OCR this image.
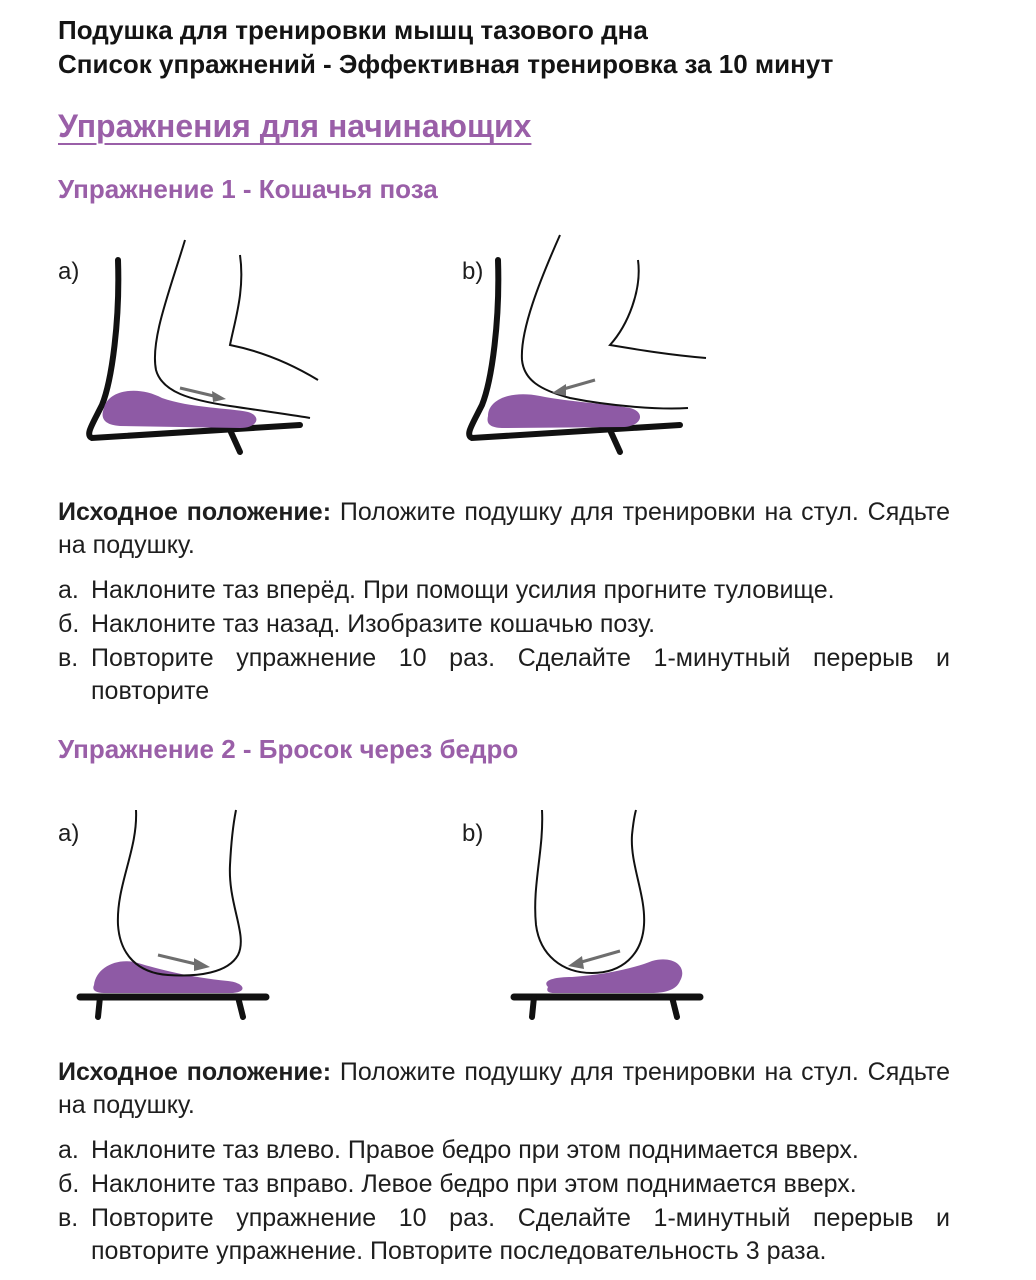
Подушка для тренировки мышц тазового дна
Список упражнений - Эффективная тренировка за 10 минут
Упражнения для начинающих
Упражнение 1 - Кошачья поза
a)	b)
Исходное положение: Положите подушку для тренировки на стул. Сядьте на подушку.
а. Наклоните таз вперёд. При помощи усилия прогните туловище.
б. Наклоните таз назад. Изобразите кошачью позу.
в. Повторите упражнение 10 раз. Сделайте 1-минутный перерыв и повторите
Упражнение 2 - Бросок через бедро
a)	b)
Исходное положение: Положите подушку для тренировки на стул. Сядьте на подушку.
а. Наклоните таз влево. Правое бедро при этом поднимается вверх.
б. Наклоните таз вправо. Левое бедро при этом поднимается вверх.
в. Повторите упражнение 10 раз. Сделайте 1-минутный перерыв и повторите упражнение. Повторите последовательность 3 раза.
